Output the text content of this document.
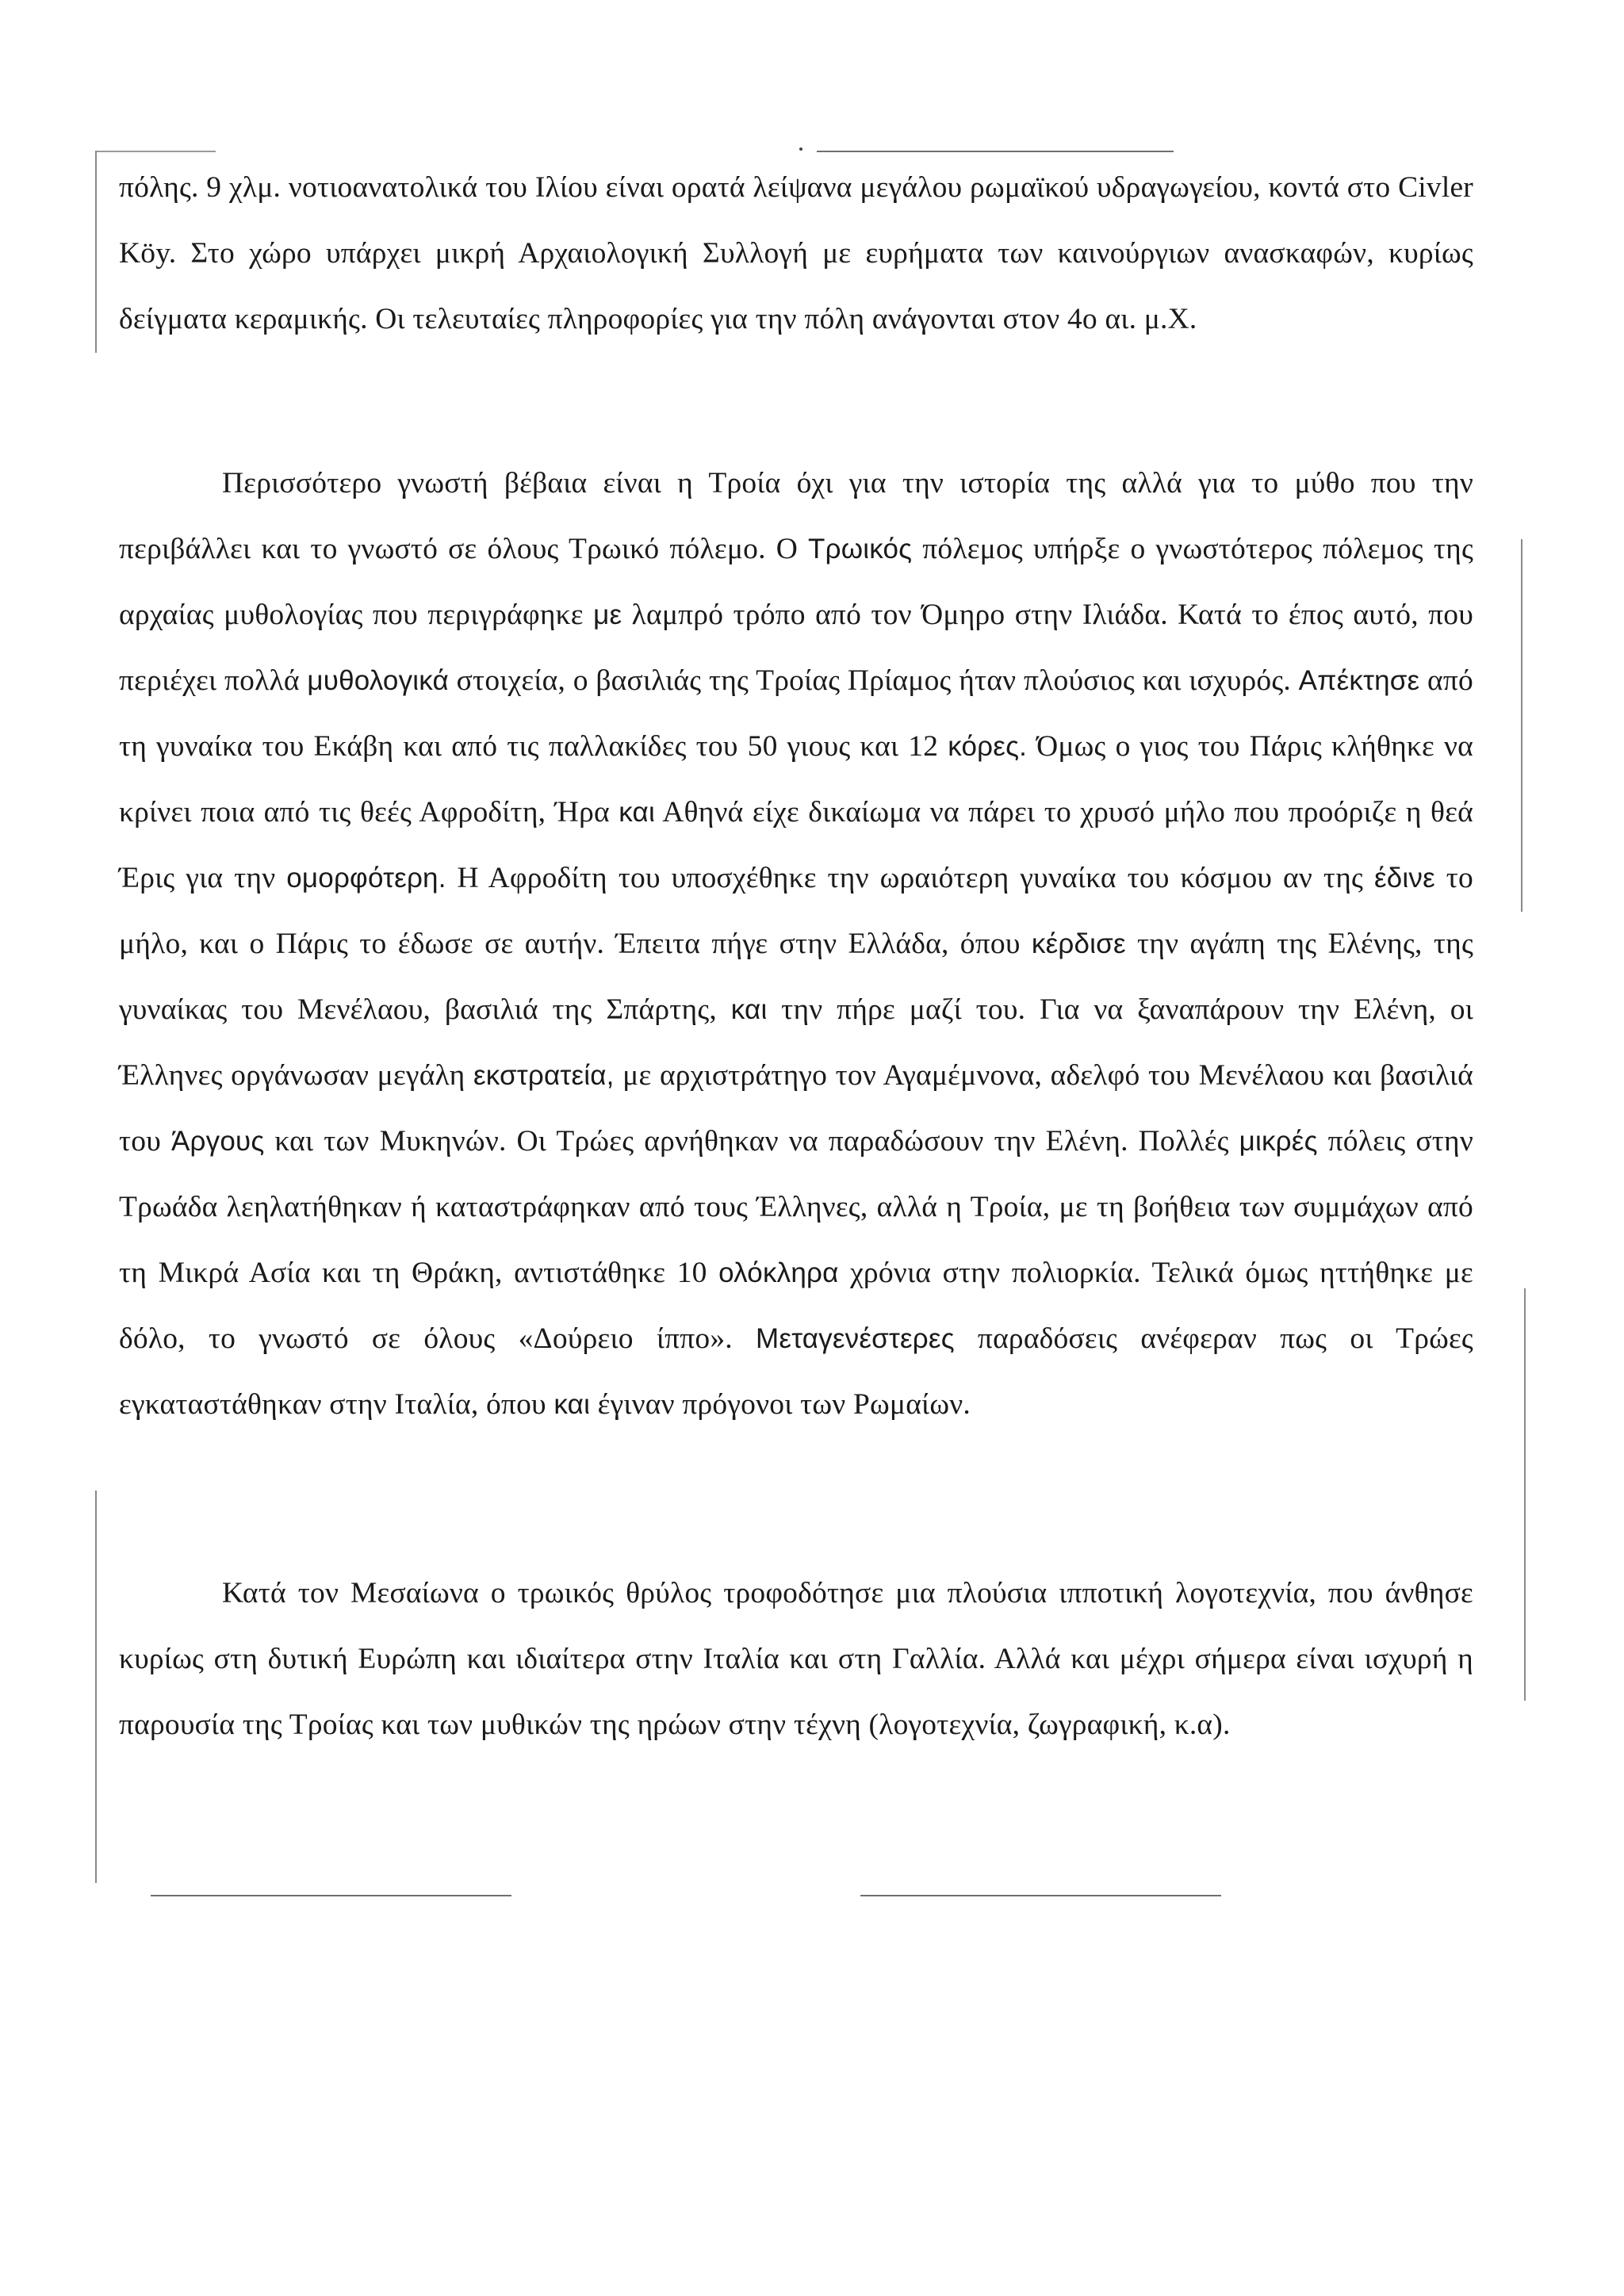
πόλης. 9 χλμ. νοτιοανατολικά του Ιλίου είναι ορατά λείψανα μεγάλου ρωμαϊκού υδραγωγείου, κοντά στο Civler Köy. Στο χώρο υπάρχει μικρή Αρχαιολογική Συλλογή με ευρήματα των καινούργιων ανασκαφών, κυρίως δείγματα κεραμικής. Οι τελευταίες πληροφορίες για την πόλη ανάγονται στον 4ο αι. μ.Χ.

Περισσότερο γνωστή βέβαια είναι η Τροία όχι για την ιστορία της αλλά για το μύθο που την περιβάλλει και το γνωστό σε όλους Τρωικό πόλεμο. Ο Τρωικός πόλεμος υπήρξε ο γνωστότερος πόλεμος της αρχαίας μυθολογίας που περιγράφηκε με λαμπρό τρόπο από τον Όμηρο στην Ιλιάδα. Κατά το έπος αυτό, που περιέχει πολλά μυθολογικά στοιχεία, ο βασιλιάς της Τροίας Πρίαμος ήταν πλούσιος και ισχυρός. Απέκτησε από τη γυναίκα του Εκάβη και από τις παλλακίδες του 50 γιους και 12 κόρες. Όμως ο γιος του Πάρις κλήθηκε να κρίνει ποια από τις θεές Αφροδίτη, Ήρα και Αθηνά είχε δικαίωμα να πάρει το χρυσό μήλο που προόριζε η θεά Έρις για την ομορφότερη. Η Αφροδίτη του υποσχέθηκε την ωραιότερη γυναίκα του κόσμου αν της έδινε το μήλο, και ο Πάρις το έδωσε σε αυτήν. Έπειτα πήγε στην Ελλάδα, όπου κέρδισε την αγάπη της Ελένης, της γυναίκας του Μενέλαου, βασιλιά της Σπάρτης, και την πήρε μαζί του. Για να ξαναπάρουν την Ελένη, οι Έλληνες οργάνωσαν μεγάλη εκστρατεία, με αρχιστράτηγο τον Αγαμέμνονα, αδελφό του Μενέλαου και βασιλιά του Άργους και των Μυκηνών. Οι Τρώες αρνήθηκαν να παραδώσουν την Ελένη. Πολλές μικρές πόλεις στην Τρωάδα λεηλατήθηκαν ή καταστράφηκαν από τους Έλληνες, αλλά η Τροία, με τη βοήθεια των συμμάχων από τη Μικρά Ασία και τη Θράκη, αντιστάθηκε 10 ολόκληρα χρόνια στην πολιορκία. Τελικά όμως ηττήθηκε με δόλο, το γνωστό σε όλους «Δούρειο ίππο». Μεταγενέστερες παραδόσεις ανέφεραν πως οι Τρώες εγκαταστάθηκαν στην Ιταλία, όπου και έγιναν πρόγονοι των Ρωμαίων.

Κατά τον Μεσαίωνα ο τρωικός θρύλος τροφοδότησε μια πλούσια ιπποτική λογοτεχνία, που άνθησε κυρίως στη δυτική Ευρώπη και ιδιαίτερα στην Ιταλία και στη Γαλλία. Αλλά και μέχρι σήμερα είναι ισχυρή η παρουσία της Τροίας και των μυθικών της ηρώων στην τέχνη (λογοτεχνία, ζωγραφική, κ.α).
